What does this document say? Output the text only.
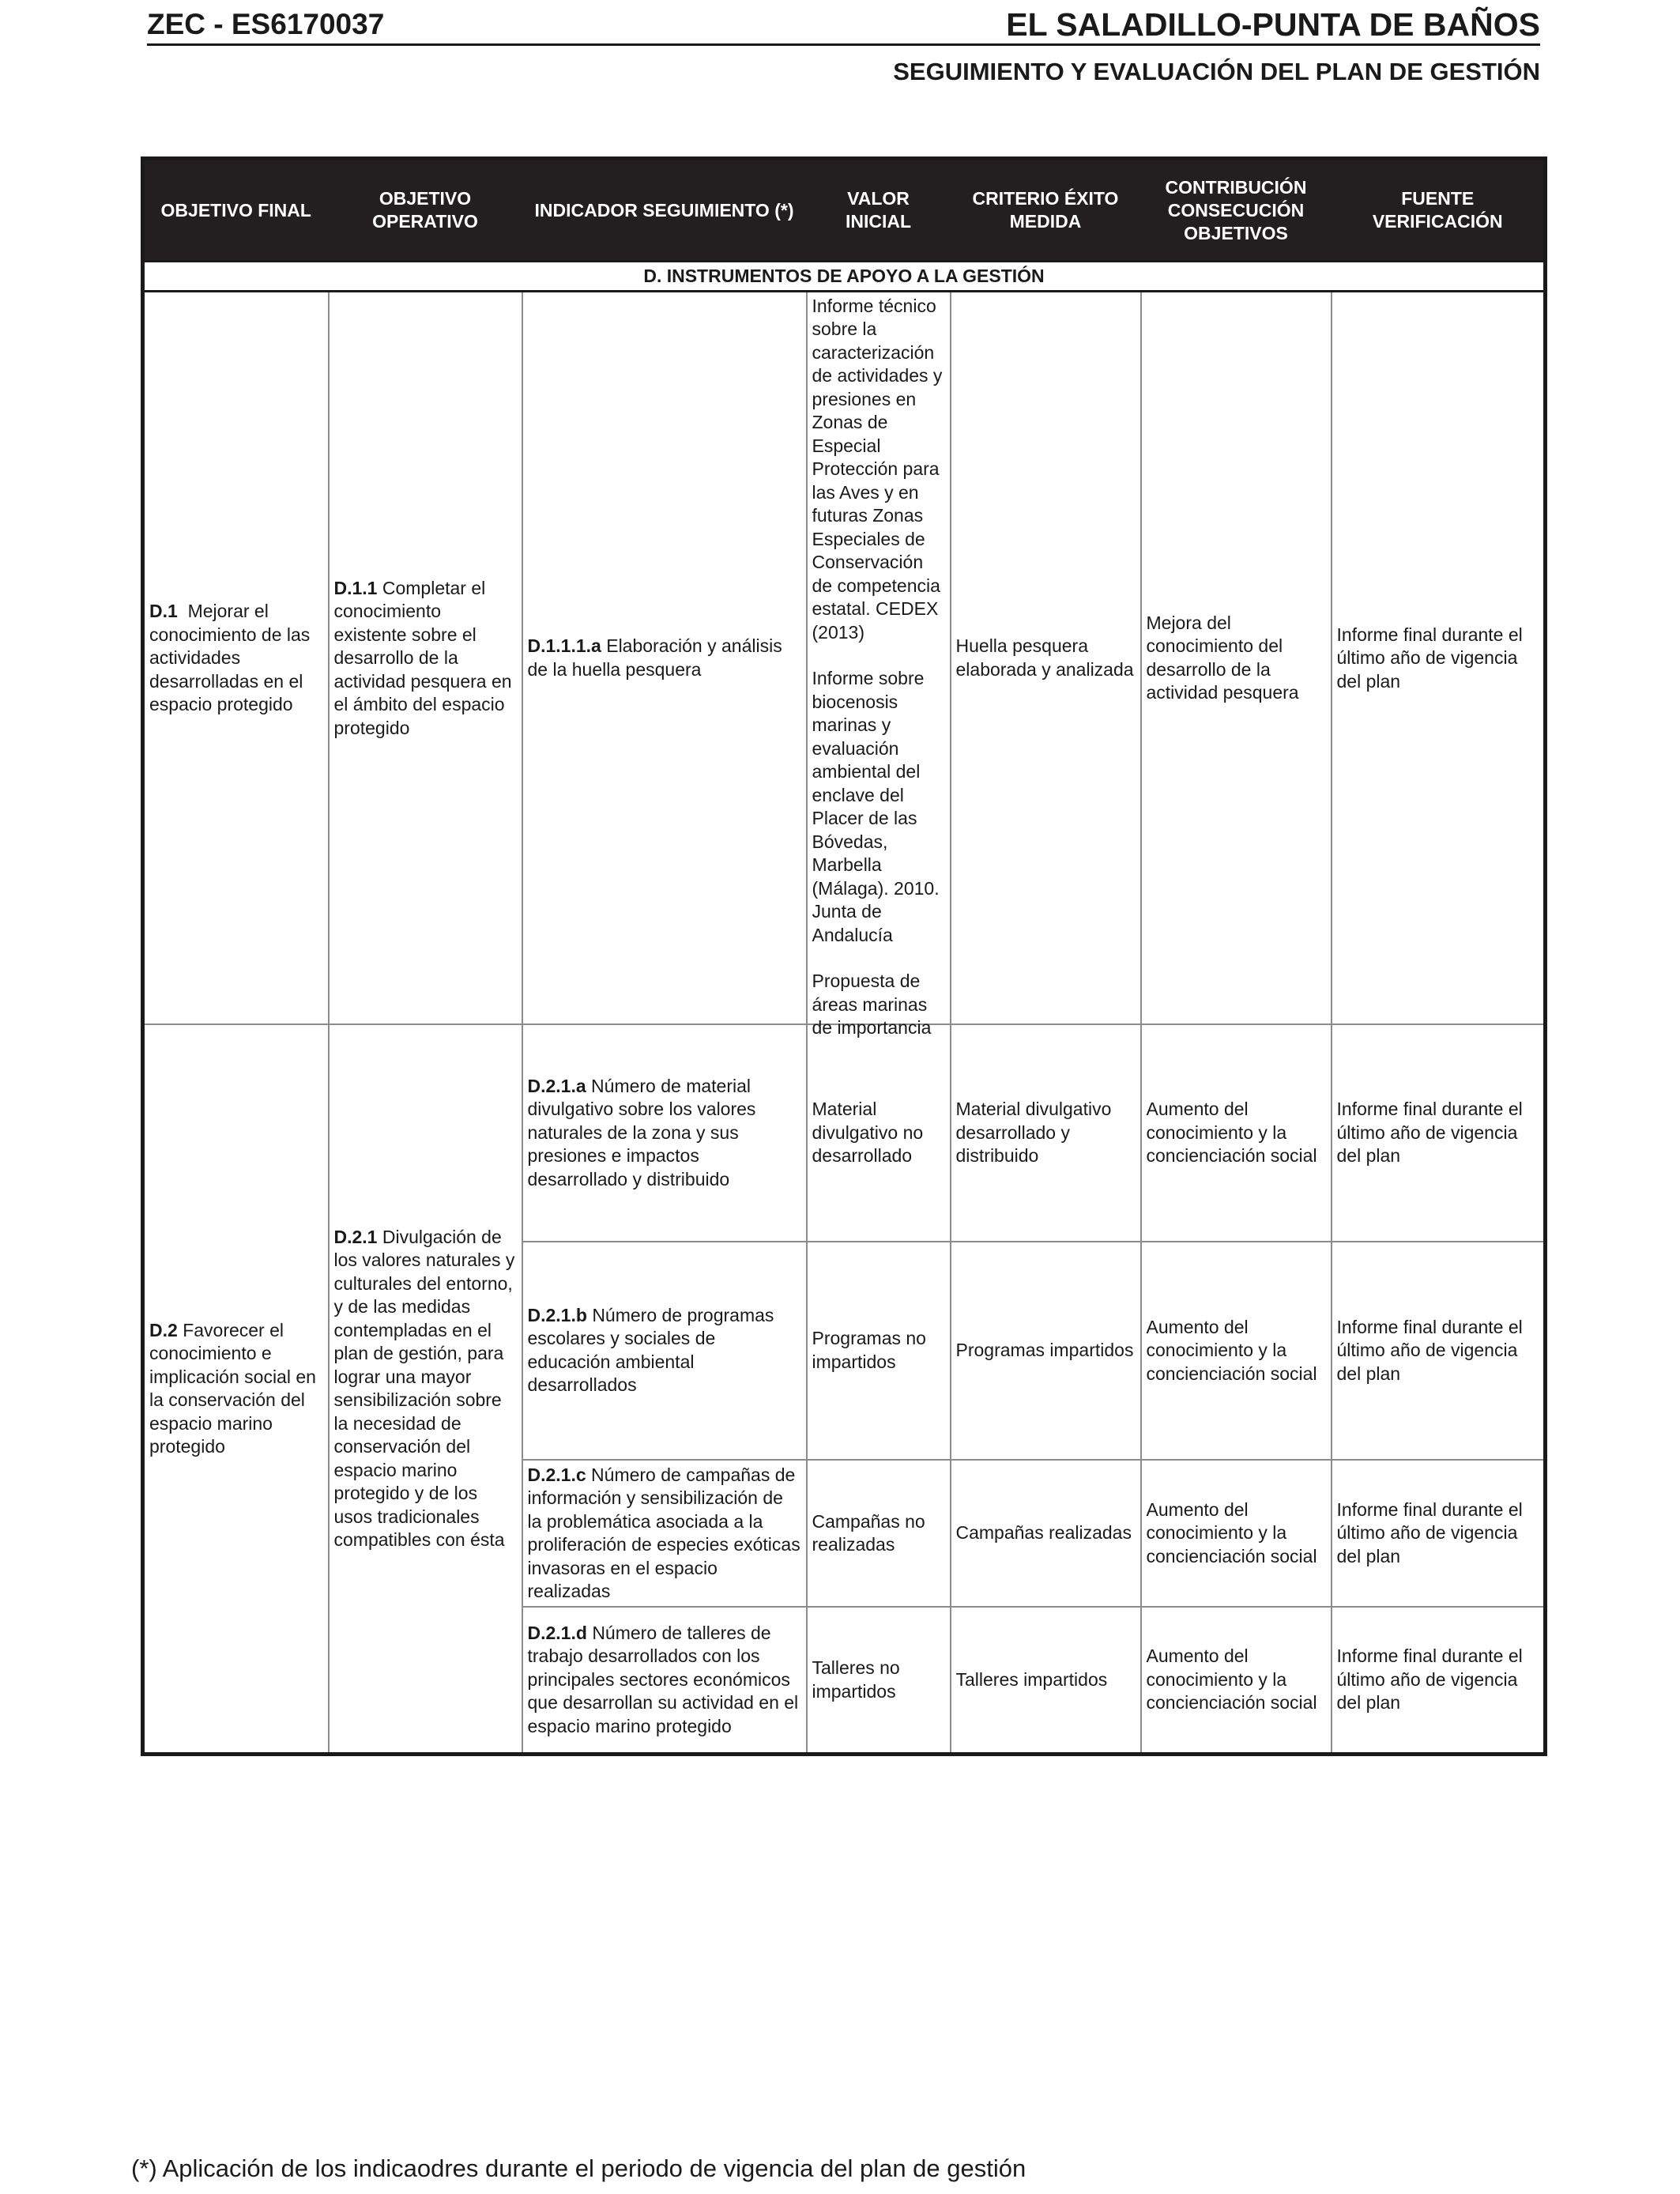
ZEC - ES6170037	EL SALADILLO-PUNTA DE BAÑOS
SEGUIMIENTO Y EVALUACIÓN DEL PLAN DE GESTIÓN
OBJETIVO FINAL	OBJETIVO OPERATIVO	INDICADOR SEGUIMIENTO (*)	VALOR INICIAL	CRITERIO ÉXITO MEDIDA	CONTRIBUCIÓN CONSECUCIÓN OBJETIVOS	FUENTE VERIFICACIÓN
D. INSTRUMENTOS DE APOYO A LA GESTIÓN						
D.1 Mejorar el conocimiento de las actividades desarrolladas en el espacio protegido	D.1.1 Completar el conocimiento existente sobre el desarrollo de la actividad pesquera en el ámbito del espacio protegido	D.1.1.1.a Elaboración y análisis de la huella pesquera	Informe técnico sobre la caracterización de actividades y presiones en Zonas de Especial Protección para las Aves y en futuras Zonas Especiales de Conservación de competencia estatal. CEDEX (2013)

Informe sobre biocenosis marinas y evaluación ambiental del enclave del Placer de las Bóvedas, Marbella (Málaga). 2010. Junta de Andalucía

Propuesta de áreas marinas de importancia	Huella pesquera elaborada y analizada	Mejora del conocimiento del desarrollo de la actividad pesquera	Informe final durante el último año de vigencia del plan
D.2 Favorecer el conocimiento e implicación social en la conservación del espacio marino protegido	D.2.1 Divulgación de los valores naturales y culturales del entorno, y de las medidas contempladas en el plan de gestión, para lograr una mayor sensibilización sobre la necesidad de conservación del espacio marino protegido y de los usos tradicionales compatibles con ésta	D.2.1.a Número de material divulgativo sobre los valores naturales de la zona y sus presiones e impactos desarrollado y distribuido	Material divulgativo no desarrollado	Material divulgativo desarrollado y distribuido	Aumento del conocimiento y la concienciación social	Informe final durante el último año de vigencia del plan
		D.2.1.b Número de programas escolares y sociales de educación ambiental desarrollados	Programas no impartidos	Programas impartidos	Aumento del conocimiento y la concienciación social	Informe final durante el último año de vigencia del plan
		D.2.1.c Número de campañas de información y sensibilización de la problemática asociada a la proliferación de especies exóticas invasoras en el espacio realizadas	Campañas no realizadas	Campañas realizadas	Aumento del conocimiento y la concienciación social	Informe final durante el último año de vigencia del plan
		D.2.1.d Número de talleres de trabajo desarrollados con los principales sectores económicos que desarrollan su actividad en el espacio marino protegido	Talleres no impartidos	Talleres impartidos	Aumento del conocimiento y la concienciación social	Informe final durante el último año de vigencia del plan
(*) Aplicación de los indicaodres durante el periodo de vigencia del plan de gestión
